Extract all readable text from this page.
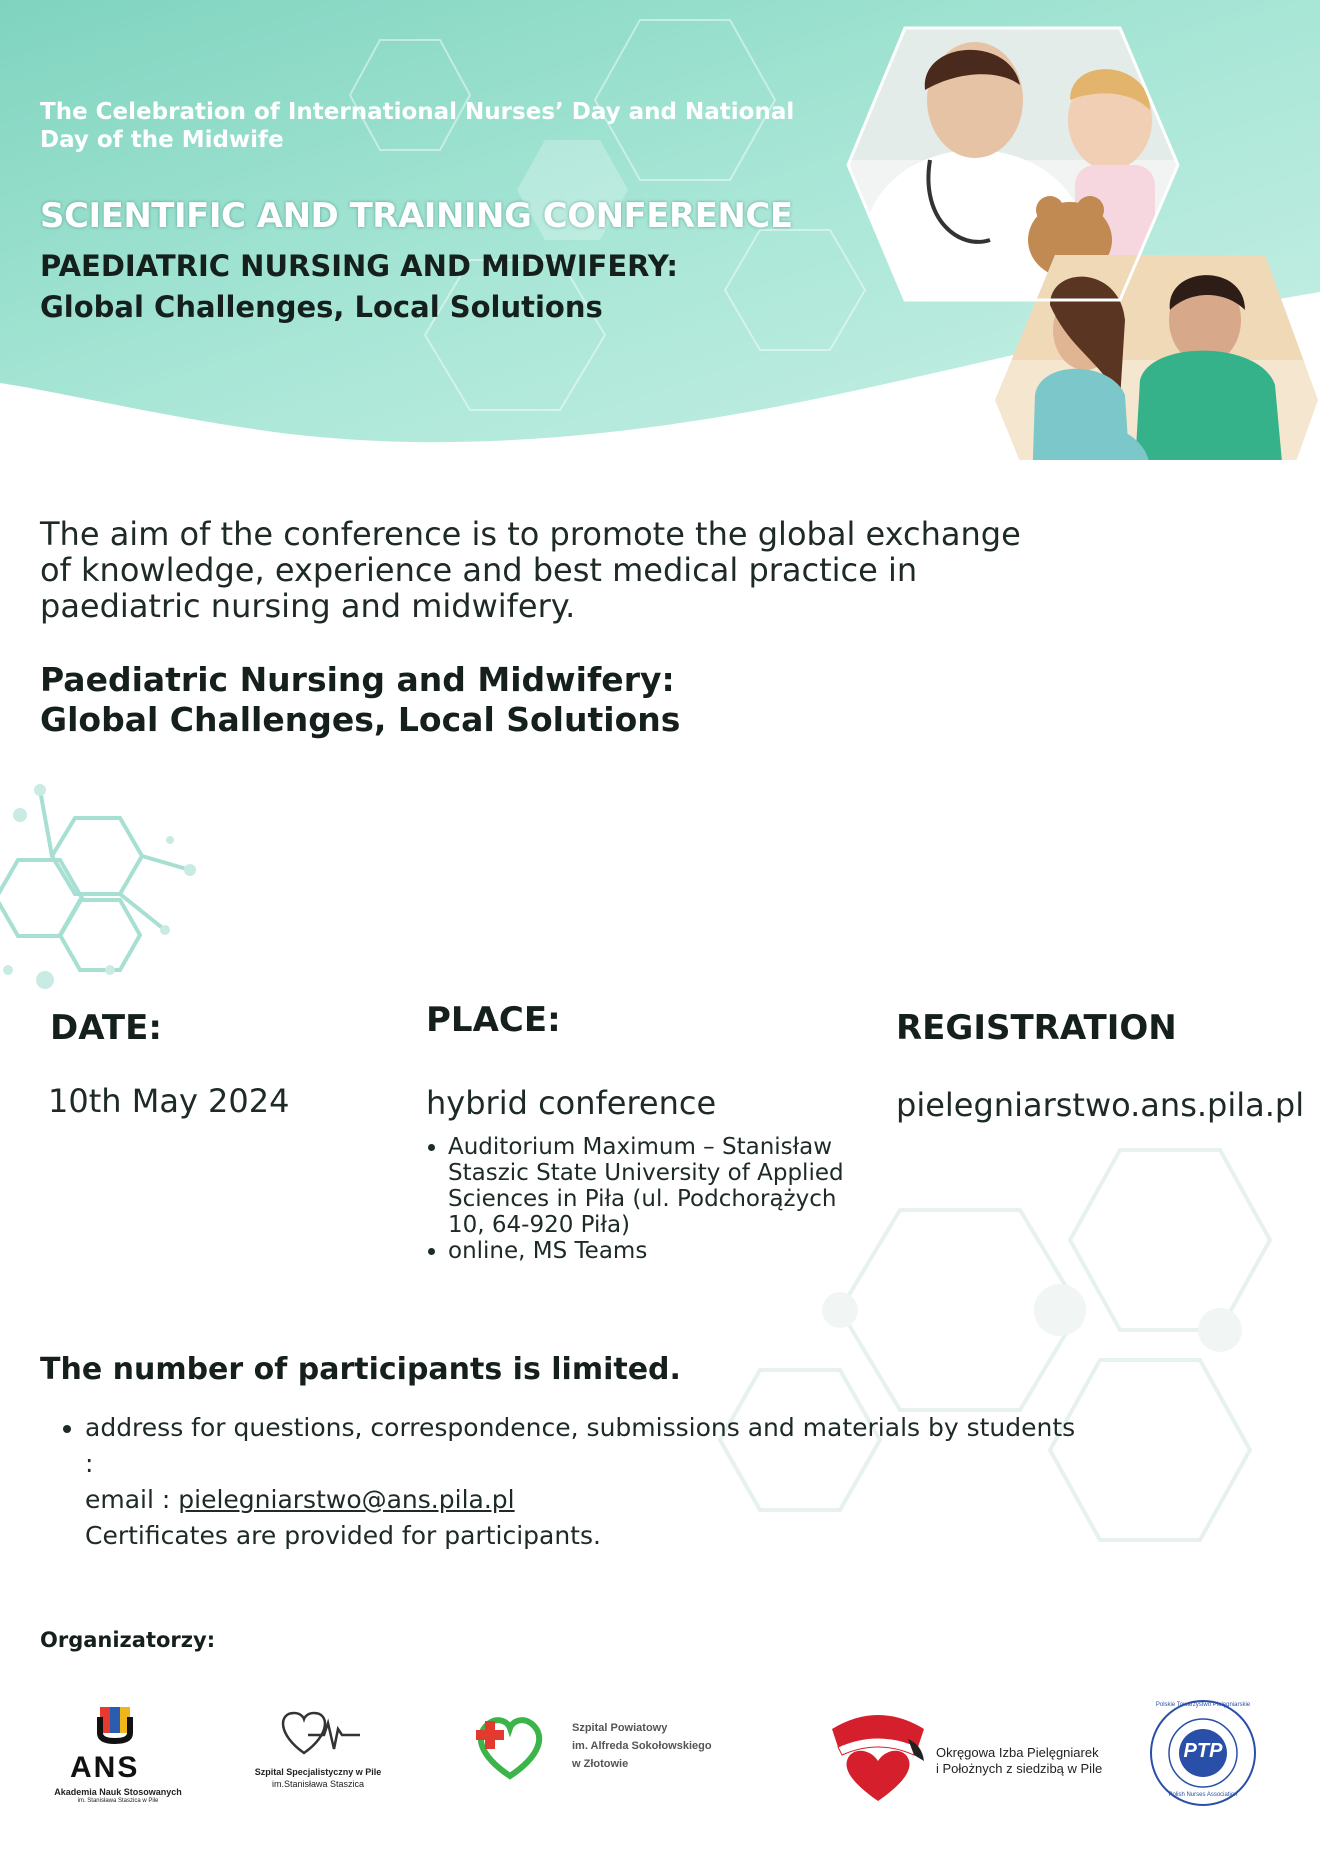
The Celebration of International Nurses’ Day and National Day of the Midwife
SCIENTIFIC AND TRAINING CONFERENCE
PAEDIATRIC NURSING AND MIDWIFERY:
Global Challenges, Local Solutions
The aim of the conference is to promote the global exchange of knowledge, experience and best medical practice in paediatric nursing and midwifery.
Paediatric Nursing and Midwifery:
Global Challenges, Local Solutions
DATE:
10th May 2024
PLACE:
hybrid conference
• Auditorium Maximum – Stanisław Staszic State University of Applied Sciences in Piła (ul. Podchorążych 10, 64-920 Piła)
• online, MS Teams
REGISTRATION
pielegniarstwo.ans.pila.pl
The number of participants is limited.
• address for questions, correspondence, submissions and materials by students :
email : pielegniarstwo@ans.pila.pl
Certificates are provided for participants.
Organizatorzy:
ANS
Akademia Nauk Stosowanych
im. Stanisława Staszica w Pile
Szpital Specjalistyczny w Pile
im.Stanisława Staszica
Szpital Powiatowy
im. Alfreda Sokołowskiego
w Złotowie
Okręgowa Izba Pielęgniarek
i Położnych z siedzibą w Pile
PTP
Polskie Towarzystwo Pielęgniarskie
Polish Nurses Association
